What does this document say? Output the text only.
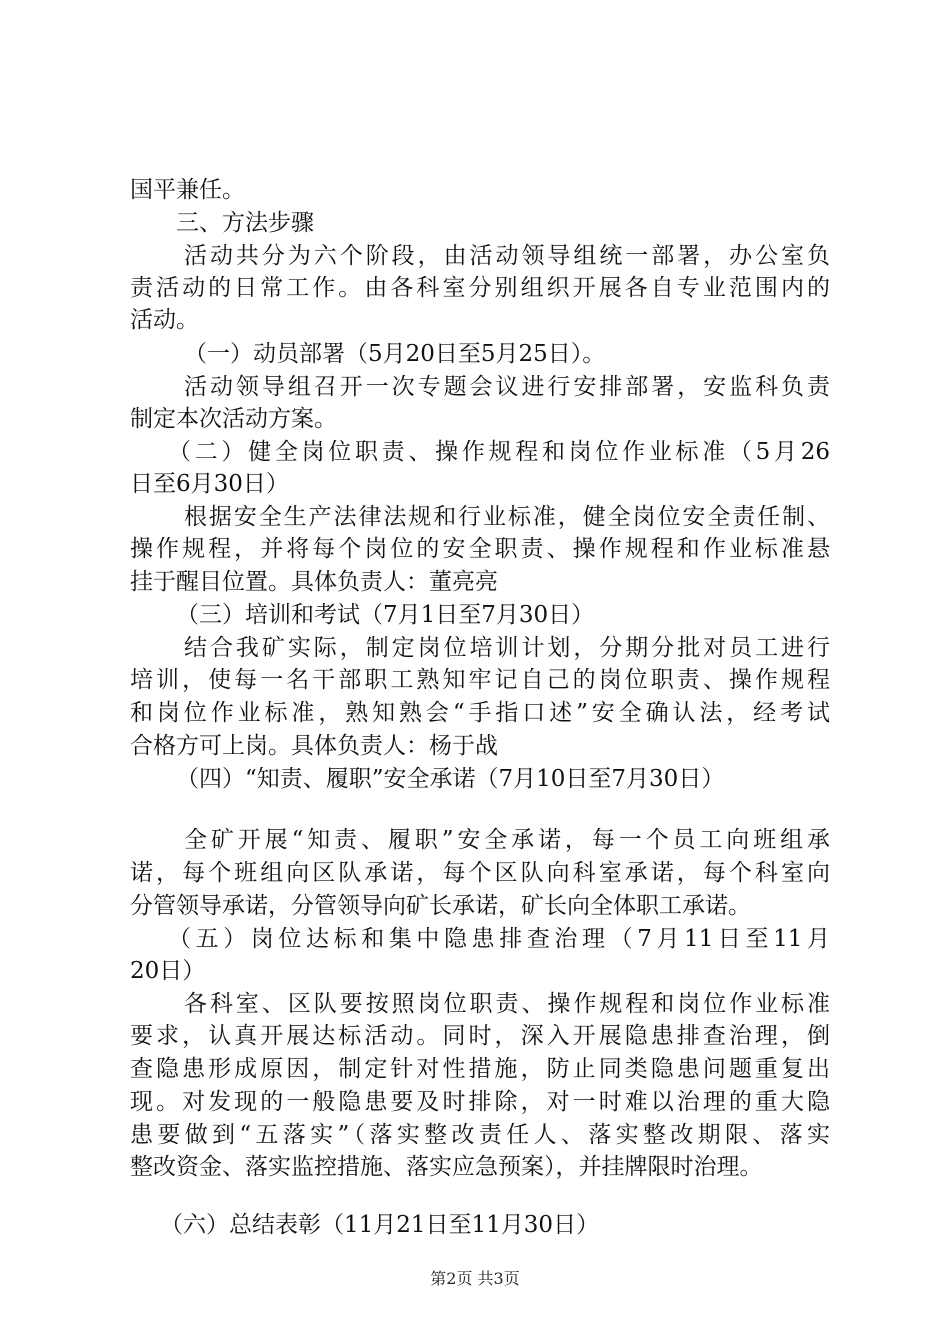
国平兼任。
三、方法步骤
活动共分为六个阶段，由活动领导组统一部署，办公室负
责活动的日常工作。由各科室分别组织开展各自专业范围内的
活动。
（一）动员部署（5月20日至5月25日）。
活动领导组召开一次专题会议进行安排部署，安监科负责
制定本次活动方案。
（二）健全岗位职责、操作规程和岗位作业标准（5月26
日至6月30日）
根据安全生产法律法规和行业标准，健全岗位安全责任制、
操作规程，并将每个岗位的安全职责、操作规程和作业标准悬
挂于醒目位置。具体负责人：董亮亮
（三）培训和考试（7月1日至7月30日）
结合我矿实际，制定岗位培训计划，分期分批对员工进行
培训，使每一名干部职工熟知牢记自己的岗位职责、操作规程
和岗位作业标准，熟知熟会“手指口述”安全确认法，经考试
合格方可上岗。具体负责人：杨于战
（四）“知责、履职”安全承诺（7月10日至7月30日）
全矿开展“知责、履职”安全承诺，每一个员工向班组承
诺，每个班组向区队承诺，每个区队向科室承诺，每个科室向
分管领导承诺，分管领导向矿长承诺，矿长向全体职工承诺。
（五）岗位达标和集中隐患排查治理（7月11日至11月
20日）
各科室、区队要按照岗位职责、操作规程和岗位作业标准
要求，认真开展达标活动。同时，深入开展隐患排查治理，倒
查隐患形成原因，制定针对性措施，防止同类隐患问题重复出
现。对发现的一般隐患要及时排除，对一时难以治理的重大隐
患要做到“五落实”（落实整改责任人、落实整改期限、落实
整改资金、落实监控措施、落实应急预案），并挂牌限时治理。
（六）总结表彰（11月21日至11月30日）
第2页 共3页
